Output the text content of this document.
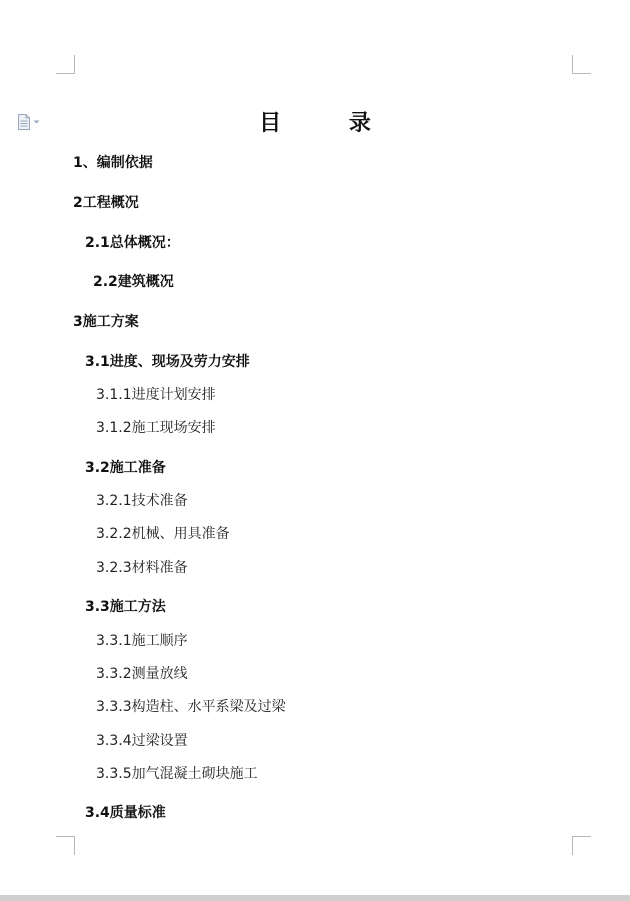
目 录
1、编制依据
2工程概况
2.1总体概况：
2.2建筑概况
3施工方案
3.1进度、现场及劳力安排
3.1.1进度计划安排
3.1.2施工现场安排
3.2施工准备
3.2.1技术准备
3.2.2机械、用具准备
3.2.3材料准备
3.3施工方法
3.3.1施工顺序
3.3.2测量放线
3.3.3构造柱、水平系梁及过梁
3.3.4过梁设置
3.3.5加气混凝土砌块施工
3.4质量标准
